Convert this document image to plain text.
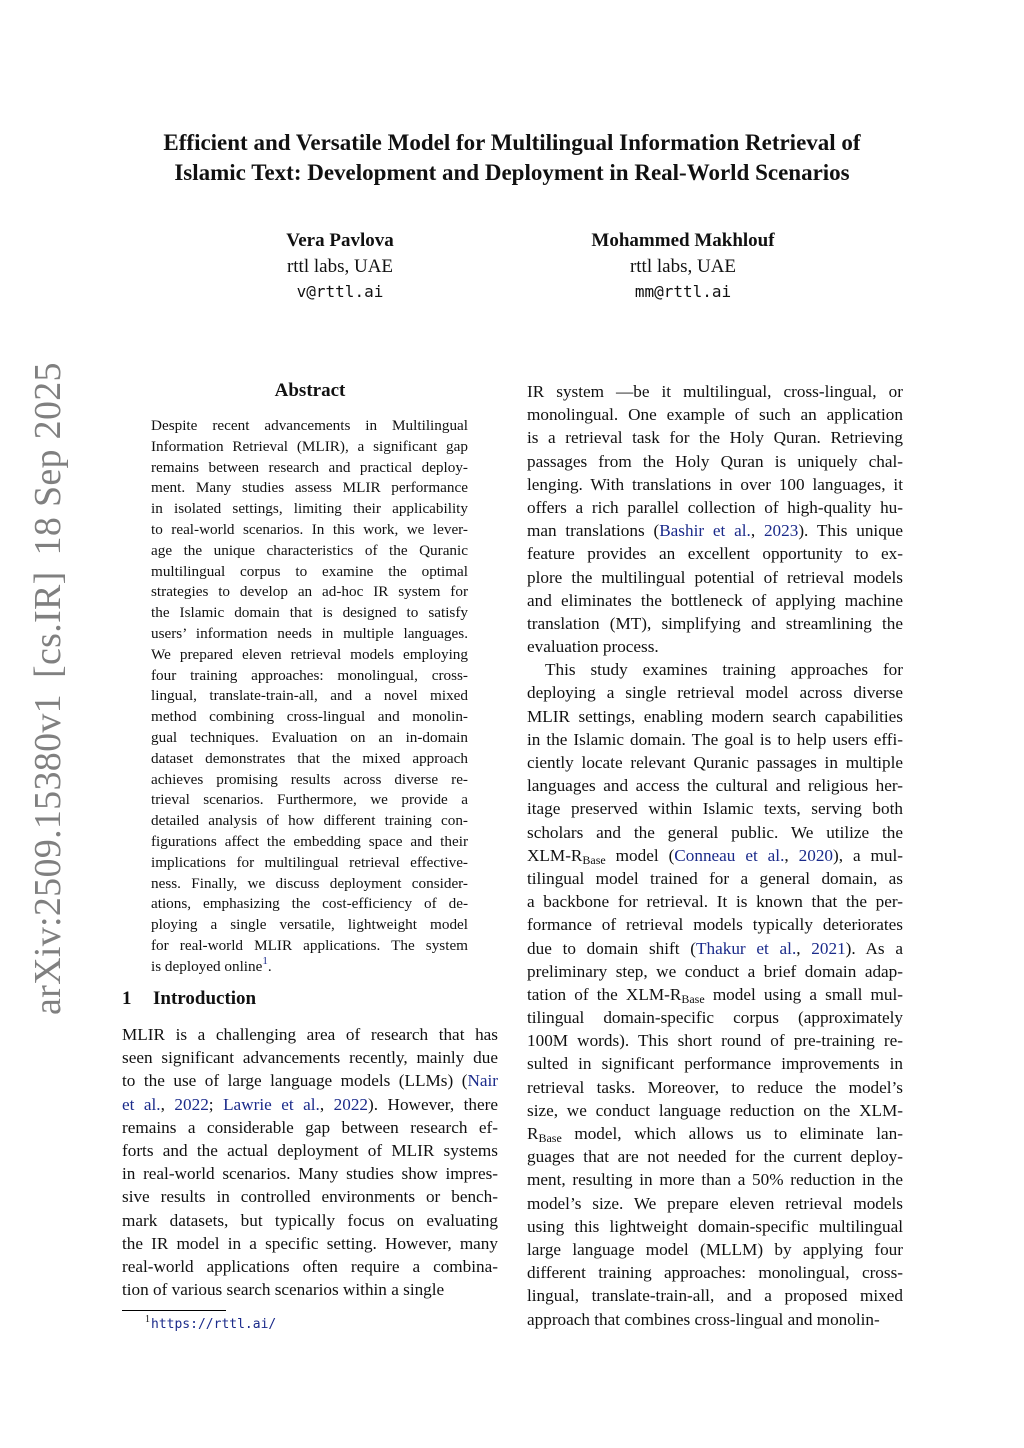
arXiv:2509.15380v1[cs.IR]18 Sep 2025
Efficient and Versatile Model for Multilingual Information Retrieval of
Islamic Text: Development and Deployment in Real-World Scenarios
Vera Pavlova
rttl labs, UAE
v@rttl.ai
Mohammed Makhlouf
rttl labs, UAE
mm@rttl.ai
Abstract
Despite recent advancements in Multilingual
Information Retrieval (MLIR), a significant gap
remains between research and practical deploy-
ment. Many studies assess MLIR performance
in isolated settings, limiting their applicability
to real-world scenarios. In this work, we lever-
age the unique characteristics of the Quranic
multilingual corpus to examine the optimal
strategies to develop an ad-hoc IR system for
the Islamic domain that is designed to satisfy
users’ information needs in multiple languages.
We prepared eleven retrieval models employing
four training approaches: monolingual, cross-
lingual, translate-train-all, and a novel mixed
method combining cross-lingual and monolin-
gual techniques. Evaluation on an in-domain
dataset demonstrates that the mixed approach
achieves promising results across diverse re-
trieval scenarios. Furthermore, we provide a
detailed analysis of how different training con-
figurations affect the embedding space and their
implications for multilingual retrieval effective-
ness. Finally, we discuss deployment consider-
ations, emphasizing the cost-efficiency of de-
ploying a single versatile, lightweight model
for real-world MLIR applications. The system
is deployed online$^1$.
1 Introduction
MLIR is a challenging area of research that has
seen significant advancements recently, mainly due
to the use of large language models (LLMs) (Nair
et al., 2022; Lawrie et al., 2022). However, there
remains a considerable gap between research ef-
forts and the actual deployment of MLIR systems
in real-world scenarios. Many studies show impres-
sive results in controlled environments or bench-
mark datasets, but typically focus on evaluating
the IR model in a specific setting. However, many
real-world applications often require a combina-
tion of various search scenarios within a single
IR system —be it multilingual, cross-lingual, or
monolingual. One example of such an application
is a retrieval task for the Holy Quran. Retrieving
passages from the Holy Quran is uniquely chal-
lenging. With translations in over 100 languages, it
offers a rich parallel collection of high-quality hu-
man translations (Bashir et al., 2023). This unique
feature provides an excellent opportunity to ex-
plore the multilingual potential of retrieval models
and eliminates the bottleneck of applying machine
translation (MT), simplifying and streamlining the
evaluation process.
This study examines training approaches for
deploying a single retrieval model across diverse
MLIR settings, enabling modern search capabilities
in the Islamic domain. The goal is to help users effi-
ciently locate relevant Quranic passages in multiple
languages and access the cultural and religious her-
itage preserved within Islamic texts, serving both
scholars and the general public. We utilize the
XLM-$R_{Base}$ model (Conneau et al., 2020), a mul-
tilingual model trained for a general domain, as
a backbone for retrieval. It is known that the per-
formance of retrieval models typically deteriorates
due to domain shift (Thakur et al., 2021). As a
preliminary step, we conduct a brief domain adap-
tation of the XLM-$R_{Base}$ model using a small mul-
tilingual domain-specific corpus (approximately
100M words). This short round of pre-training re-
sulted in significant performance improvements in
retrieval tasks. Moreover, to reduce the model’s
size, we conduct language reduction on the XLM-
$R_{Base}$ model, which allows us to eliminate lan-
guages that are not needed for the current deploy-
ment, resulting in more than a 50% reduction in the
model’s size. We prepare eleven retrieval models
using this lightweight domain-specific multilingual
large language model (MLLM) by applying four
different training approaches: monolingual, cross-
lingual, translate-train-all, and a proposed mixed
approach that combines cross-lingual and monolin-
$^1$https://rttl.ai/
